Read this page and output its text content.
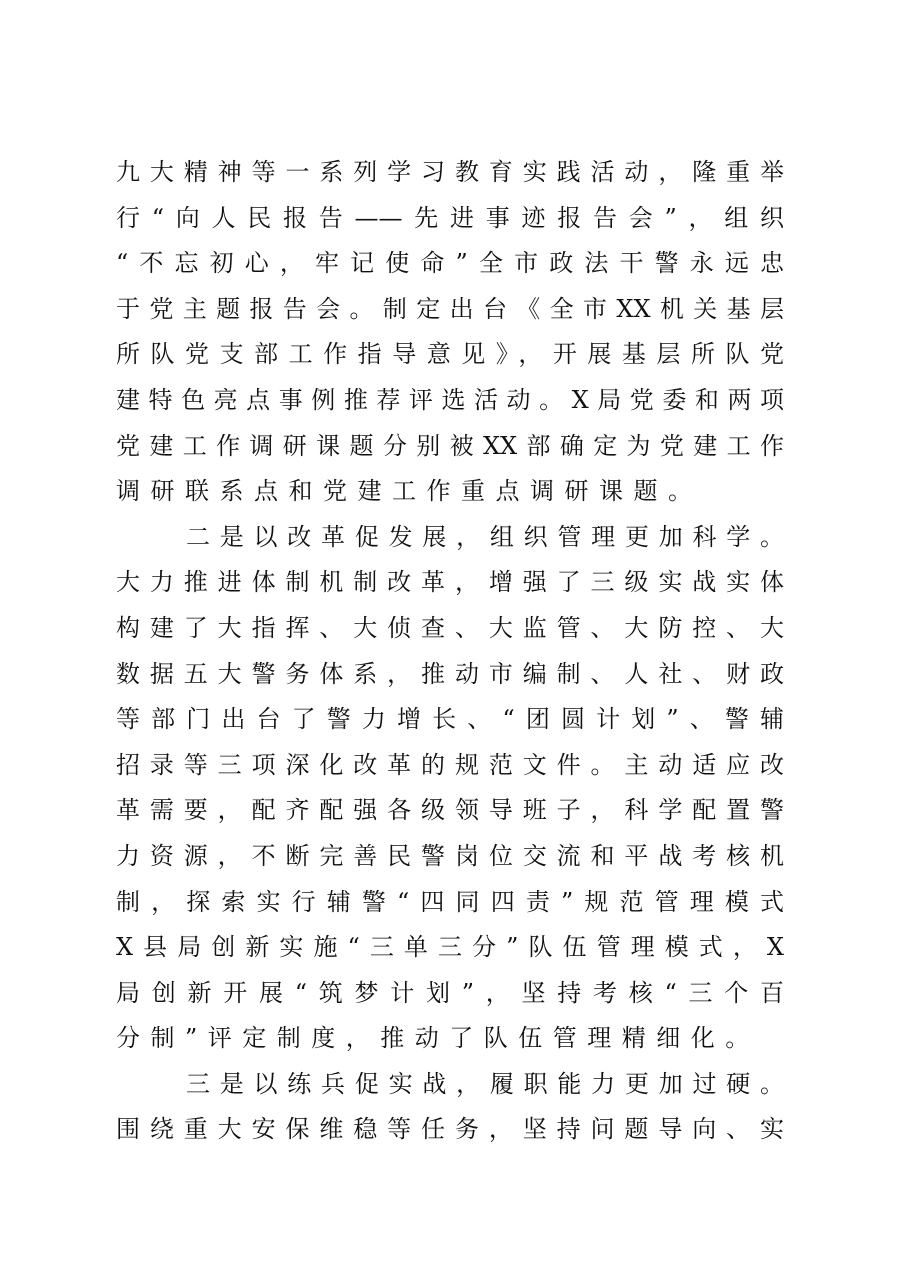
九大精神等一系列学习教育实践活动，隆重举
行“向人民报告——先进事迹报告会”，组织
“不忘初心，牢记使命”全市政法干警永远忠
于党主题报告会。制定出台《全市XX机关基层
所队党支部工作指导意见》，开展基层所队党
建特色亮点事例推荐评选活动。X局党委和两项
党建工作调研课题分别被XX部确定为党建工作
调研联系点和党建工作重点调研课题。
二是以改革促发展，组织管理更加科学。
大力推进体制机制改革，增强了三级实战实体
构建了大指挥、大侦查、大监管、大防控、大
数据五大警务体系，推动市编制、人社、财政
等部门出台了警力增长、“团圆计划”、警辅
招录等三项深化改革的规范文件。主动适应改
革需要，配齐配强各级领导班子，科学配置警
力资源，不断完善民警岗位交流和平战考核机
制，探索实行辅警“四同四责”规范管理模式
X县局创新实施“三单三分”队伍管理模式，X
局创新开展“筑梦计划”，坚持考核“三个百
分制”评定制度，推动了队伍管理精细化。
三是以练兵促实战，履职能力更加过硬。
围绕重大安保维稳等任务，坚持问题导向、实
